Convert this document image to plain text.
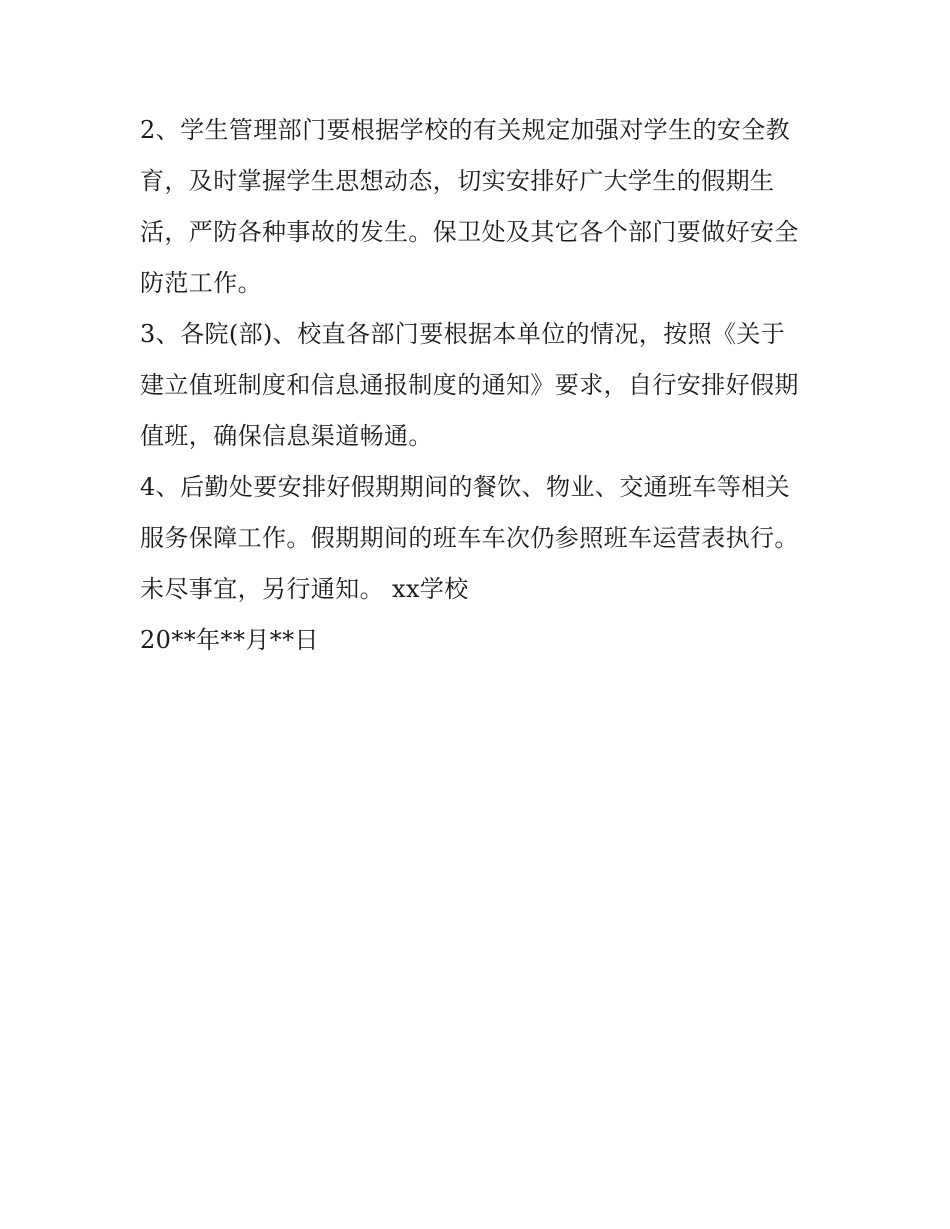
2、学生管理部门要根据学校的有关规定加强对学生的安全教
育，及时掌握学生思想动态，切实安排好广大学生的假期生
活，严防各种事故的发生。保卫处及其它各个部门要做好安全
防范工作。
3、各院(部)、校直各部门要根据本单位的情况，按照《关于
建立值班制度和信息通报制度的通知》要求，自行安排好假期
值班，确保信息渠道畅通。
4、后勤处要安排好假期期间的餐饮、物业、交通班车等相关
服务保障工作。假期期间的班车车次仍参照班车运营表执行。
未尽事宜，另行通知。 xx学校
20**年**月**日
